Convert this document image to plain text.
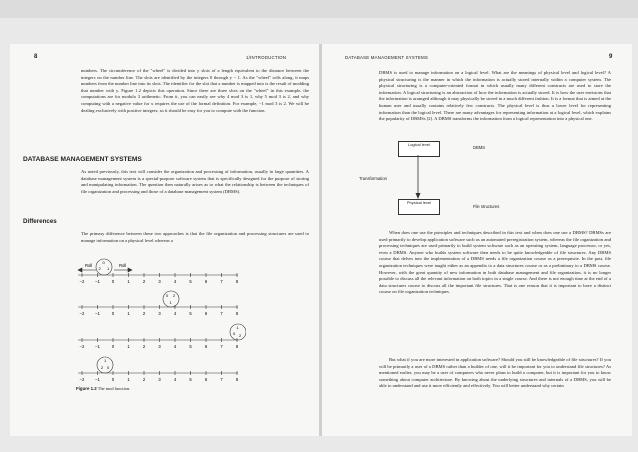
8	1/INTRODUCTION

numbers. The circumference of the "wheel" is divided into y slots of a length equivalent to the distance between the integers on the number line. The slots are identified by the integers 0 through y − 1. As the "wheel" rolls along, it maps numbers from the number line into its slots. The identifier for the slot that a number is mapped into is the result of modding that number with y. Figure 1.2 depicts this operation. Since there are three slots on the "wheel" in this example, the computations are for modulo 3 arithmetic. From it, you can easily see why 4 mod 3 is 1, why 5 mod 3 is 2, and why computing with a negative value for x requires the use of the formal definition. For example, −1 mod 3 is 2. We will be dealing exclusively with positive integers; so it should be easy for you to compute with the function.

DATABASE MANAGEMENT SYSTEMS

As noted previously, this text will consider the organization and processing of information, usually in large quantities. A database management system is a special-purpose software system that is specifically designed for the purpose of storing and manipulating information. The question then naturally arises as to what the relationship is between the techniques of file organization and processing and those of a database management system (DBMS).

Differences

The primary difference between these two approaches is that the file organization and processing structures are used to manage information on a physical level whereas a

Roll	Roll
0
1
2
−2	−1	0	1	2	3	4	5	6	7	8
0 2
1
−2	−1	0	1	2	3	4	5	6	7	8
1
0 2
−2	−1	0	1	2	3	4	5	6	7	8
1
2 0
−2	−1	0	1	2	3	4	5	6	7	8
Figure 1.2 The mod function.
DATABASE MANAGEMENT SYSTEMS	9

DBMS is used to manage information on a logical level. What are the meanings of physical level and logical level? A physical structuring is the manner in which the information is actually stored internally within a computer system. The physical structuring is a computer-oriented format in which usually many different constructs are used to store the information. A logical structuring is an abstraction of how the information is actually stored. It is how the user envisions that the information is arranged although it may physically be stored in a much different fashion. It is a format that is aimed at the human user and usually contains relatively few constructs. The physical level is thus a lower level for representing information than the logical level. There are many advantages for representing information at a logical level, which explains the popularity of DBMSs [2]. A DBMS transforms the information from a logical representation into a physical one.

Logical level
DBMS
Transformation
Physical level
File structures

When does one use the principles and techniques described in this text and when does one use a DBMS? DBMSs are used primarily to develop application software such as an automated preregistration system, whereas the file organization and processing techniques are used primarily to build system software such as an operating system, language processor, or yes, even a DBMS. Anyone who builds system software then needs to be quite knowledgeable of file structures. Any DBMS course that delves into the implementation of a DBMS needs a file organization course as a prerequisite. In the past, file organization techniques were taught either as an appendix to a data structures course or as a preliminary to a DBMS course. However, with the great quantity of new information in both database management and file organization, it is no longer possible to discuss all the relevant information on both topics in a single course. And there is not enough time at the end of a data structures course to discuss all the important file structures. That is one reason that it is important to have a distinct course on file organization techniques.

But what if you are more interested in application software? Should you still be knowledgeable of file structures? If you will be primarily a user of a DBMS rather than a builder of one, will it be important for you to understand file structures? As mentioned earlier, you may be a user of computers who never plans to build a computer, but it is important for you to know something about computer architecture. By knowing about the underlying structures and internals of a DBMS, you will be able to understand and use it more efficiently and effectively. You will better understand why certain
